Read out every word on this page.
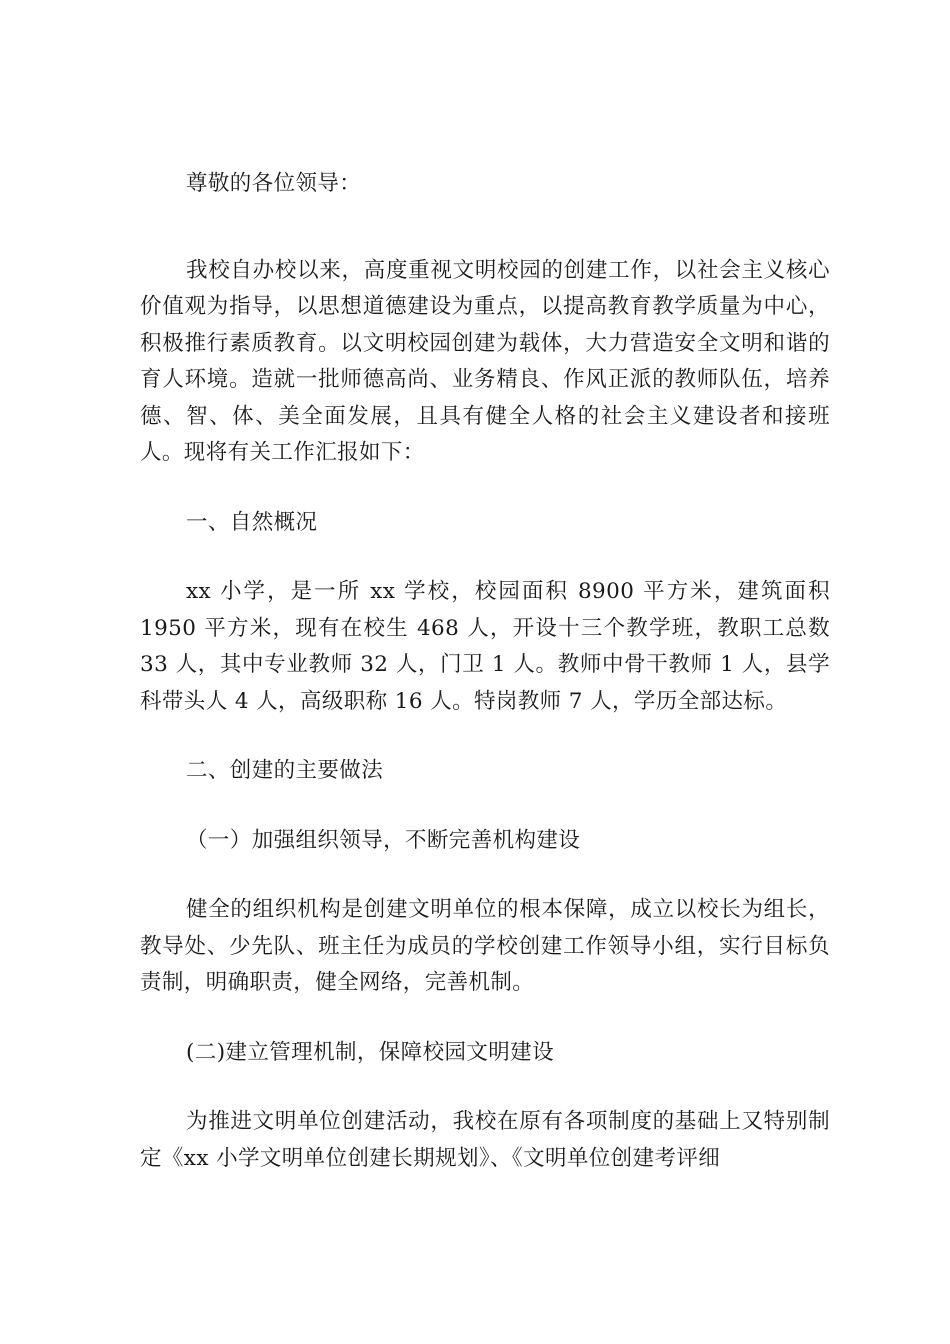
尊敬的各位领导：

我校自办校以来，高度重视文明校园的创建工作，以社会主义核心价值观为指导，以思想道德建设为重点，以提高教育教学质量为中心，积极推行素质教育。以文明校园创建为载体，大力营造安全文明和谐的育人环境。造就一批师德高尚、业务精良、作风正派的教师队伍，培养德、智、体、美全面发展，且具有健全人格的社会主义建设者和接班人。现将有关工作汇报如下：

一、自然概况

xx 小学，是一所 xx 学校，校园面积 8900 平方米，建筑面积 1950 平方米，现有在校生 468 人，开设十三个教学班，教职工总数 33 人，其中专业教师 32 人，门卫 1 人。教师中骨干教师 1 人，县学科带头人 4 人，高级职称 16 人。特岗教师 7 人，学历全部达标。

二、创建的主要做法

（一）加强组织领导，不断完善机构建设

健全的组织机构是创建文明单位的根本保障，成立以校长为组长，教导处、少先队、班主任为成员的学校创建工作领导小组，实行目标负责制，明确职责，健全网络，完善机制。

(二)建立管理机制，保障校园文明建设

为推进文明单位创建活动，我校在原有各项制度的基础上又特别制定《xx 小学文明单位创建长期规划》、《文明单位创建考评细
